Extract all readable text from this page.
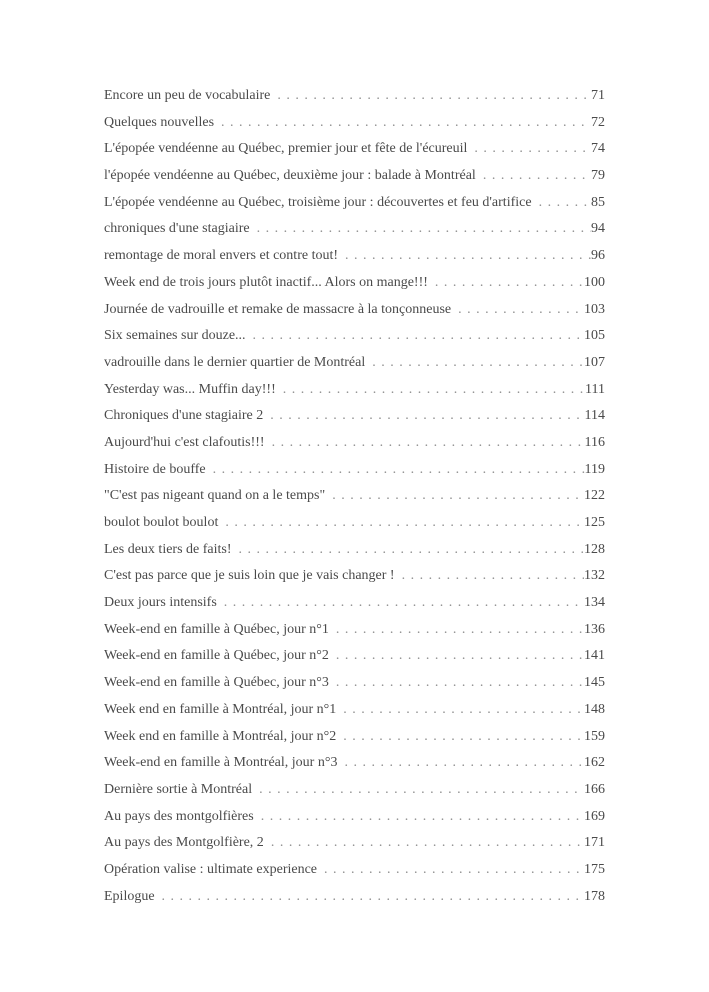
Encore un peu de vocabulaire . . .	71
Quelques nouvelles . . .	72
L'épopée vendéenne au Québec, premier jour et fête de l'écureuil . . .	74
l'épopée vendéenne au Québec, deuxième jour : balade à Montréal . . .	79
L'épopée vendéenne au Québec, troisième jour : découvertes et feu d'artifice . . .	85
chroniques d'une stagiaire . . .	94
remontage de moral envers et contre tout! . . .	96
Week end de trois jours plutôt inactif... Alors on mange!!! . . .	100
Journée de vadrouille et remake de massacre à la tonçonneuse . . .	103
Six semaines sur douze... . . .	105
vadrouille dans le dernier quartier de Montréal . . .	107
Yesterday was... Muffin day!!! . . .	111
Chroniques d'une stagiaire 2 . . .	114
Aujourd'hui c'est clafoutis!!! . . .	116
Histoire de bouffe . . .	119
"C'est pas nigeant quand on a le temps" . . .	122
boulot boulot boulot . . .	125
Les deux tiers de faits! . . .	128
C'est pas parce que je suis loin que je vais changer ! . . .	132
Deux jours intensifs . . .	134
Week-end en famille à Québec, jour n°1 . . .	136
Week-end en famille à Québec, jour n°2 . . .	141
Week-end en famille à Québec, jour n°3 . . .	145
Week end en famille à Montréal, jour n°1 . . .	148
Week end en famille à Montréal, jour n°2 . . .	159
Week-end en famille à Montréal, jour n°3 . . .	162
Dernière sortie à Montréal . . .	166
Au pays des montgolfières . . .	169
Au pays des Montgolfière, 2 . . .	171
Opération valise : ultimate experience . . .	175
Epilogue . . .	178
